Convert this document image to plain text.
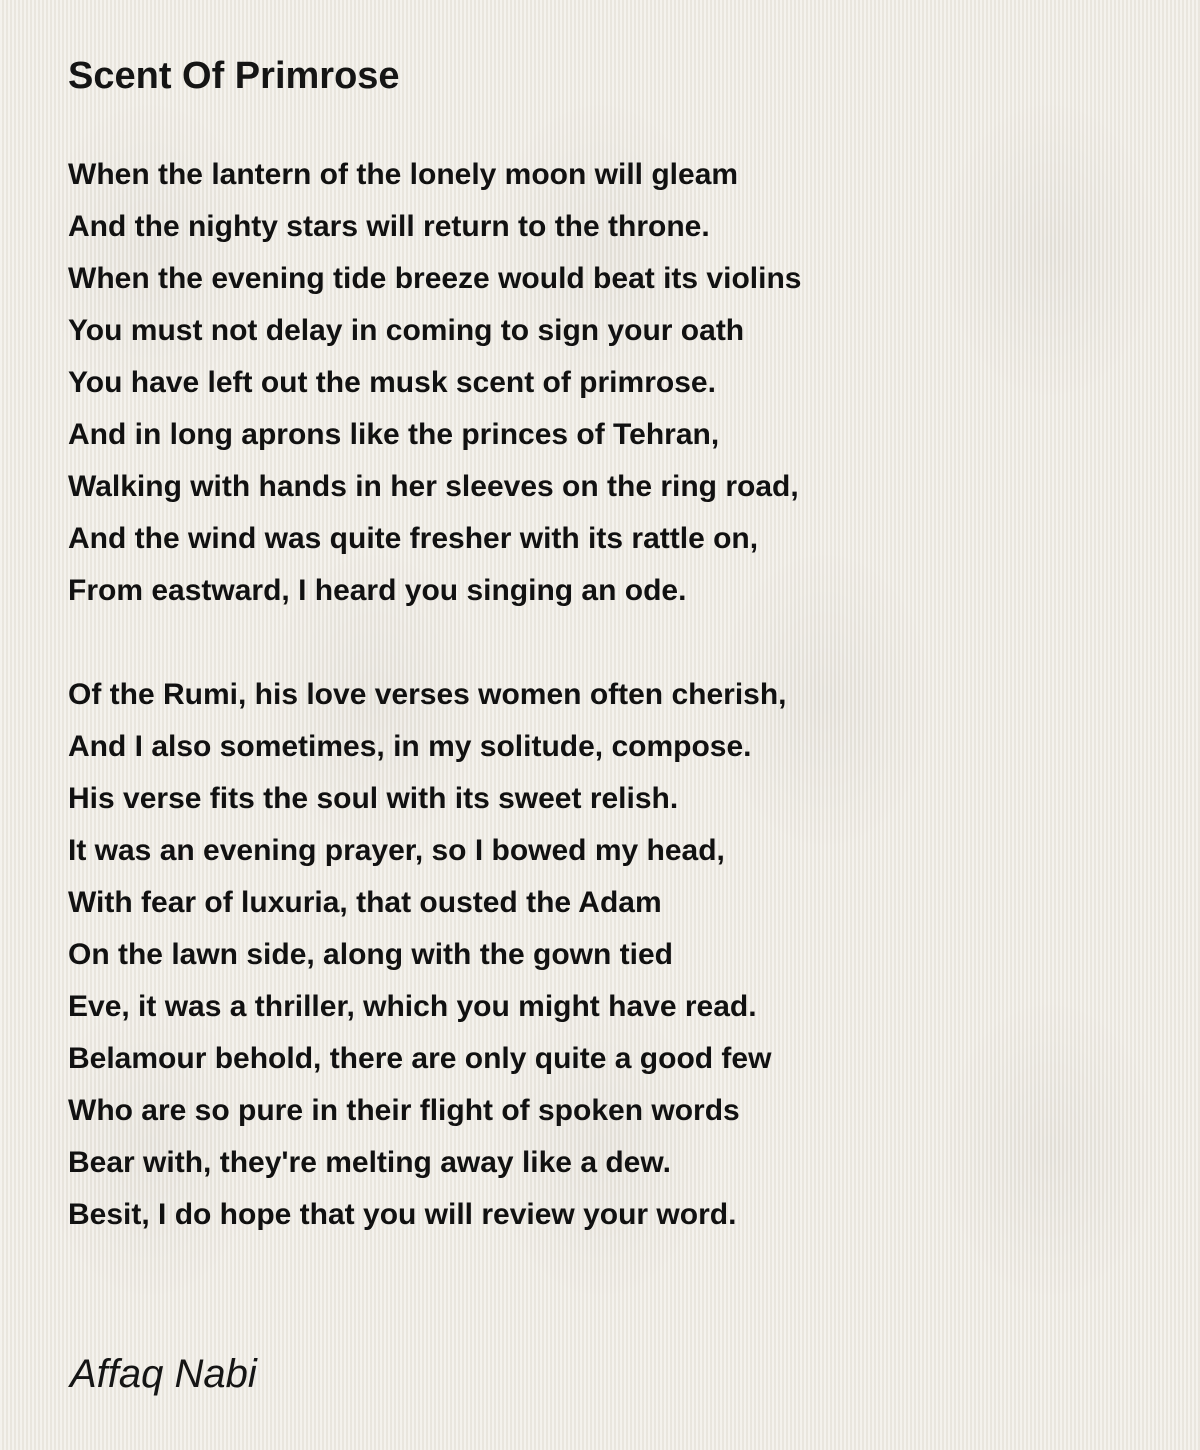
Scent Of Primrose
When the lantern of the lonely moon will gleam
And the nighty stars will return to the throne.
When the evening tide breeze would beat its violins
You must not delay in coming to sign your oath
You have left out the musk scent of primrose.
And in long aprons like the princes of Tehran,
Walking with hands in her sleeves on the ring road,
And the wind was quite fresher with its rattle on,
From eastward, I heard you singing an ode.
Of the Rumi, his love verses women often cherish,
And I also sometimes, in my solitude, compose.
His verse fits the soul with its sweet relish.
It was an evening prayer, so I bowed my head,
With fear of luxuria, that ousted the Adam
On the lawn side, along with the gown tied
Eve, it was a thriller, which you might have read.
Belamour behold, there are only quite a good few
Who are so pure in their flight of spoken words
Bear with, they're melting away like a dew.
Besit, I do hope that you will review your word.

Affaq Nabi
